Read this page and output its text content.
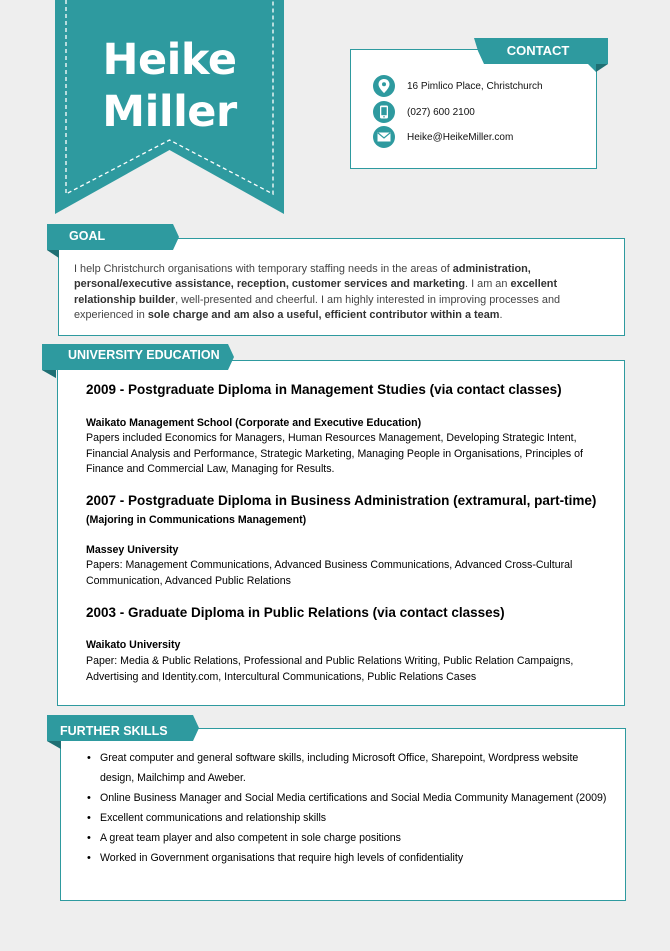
Heike
Miller
CONTACT
16 Pimlico Place, Christchurch
(027) 600 2100
Heike@HeikeMiller.com
GOAL
I help Christchurch organisations with temporary staffing needs in the areas of administration, personal/executive assistance, reception, customer services and marketing. I am an excellent relationship builder, well-presented and cheerful. I am highly interested in improving processes and experienced in sole charge and am also a useful, efficient contributor within a team.
UNIVERSITY EDUCATION
2009 - Postgraduate Diploma in Management Studies (via contact classes)
Waikato Management School (Corporate and Executive Education)
Papers included Economics for Managers, Human Resources Management, Developing Strategic Intent, Financial Analysis and Performance, Strategic Marketing, Managing People in Organisations, Principles of Finance and Commercial Law, Managing for Results.
2007 - Postgraduate Diploma in Business Administration (extramural, part-time)
(Majoring in Communications Management)
Massey University
Papers: Management Communications, Advanced Business Communications, Advanced Cross-Cultural Communication, Advanced Public Relations
2003 - Graduate Diploma in Public Relations (via contact classes)
Waikato University
Paper: Media & Public Relations, Professional and Public Relations Writing, Public Relation Campaigns, Advertising and Identity.com, Intercultural Communications, Public Relations Cases
FURTHER SKILLS
• Great computer and general software skills, including Microsoft Office, Sharepoint, Wordpress website design, Mailchimp and Aweber.
• Online Business Manager and Social Media certifications and Social Media Community Management (2009)
• Excellent communications and relationship skills
• A great team player and also competent in sole charge positions
• Worked in Government organisations that require high levels of confidentiality
